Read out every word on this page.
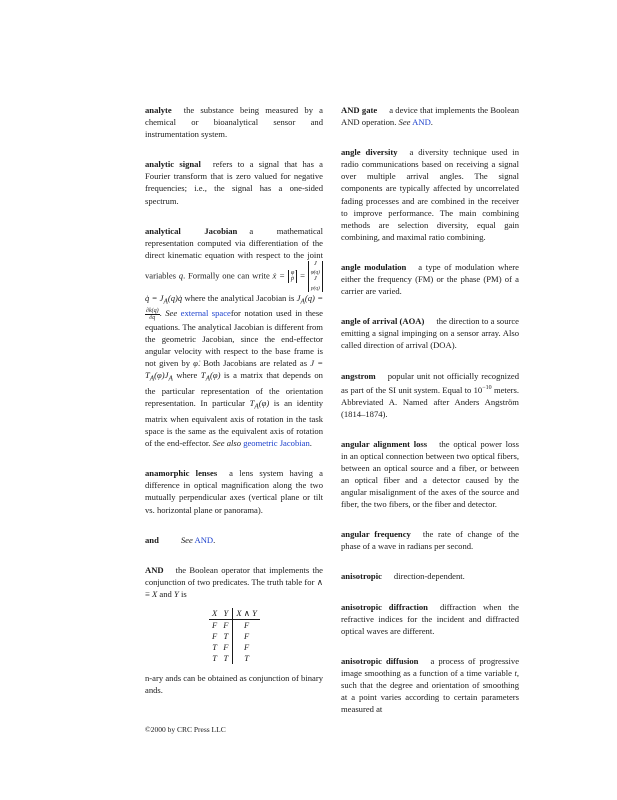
analyte the substance being measured by a chemical or bioanalytical sensor and instrumentation system.
analytic signal refers to a signal that has a Fourier transform that is zero valued for negative frequencies; i.e., the signal has a one-sided spectrum.
analytical Jacobian a mathematical representation computed via differentiation of the direct kinematic equation with respect to the joint variables q. Formally one can write ẋ = φ̇
ṗ =
J
$_{\varphi(q)}$
J
$_{p(q)}$
q̇ = $J_A(q)q̇$ where the analytical Jacobian is $J_A(q)$ =
$\frac{\partial k(q)}{\partial q}$ . See external spacefor notation used in these equations. The analytical Jacobian is different from the geometric Jacobian, since the end-effector angular velocity with respect to the base frame is not given by φ̇. Both Jacobians are related as $J = T_A(\varphi)J_A$ where $T_A(\varphi)$ is a matrix that depends on the particular representation of the orientation representation. In particular $T_A(\varphi)$ is an identity matrix when equivalent axis of rotation in the task space is the same as the equivalent axis of rotation of the end-effector. See also geometric Jacobian.
anamorphic lenses a lens system having a difference in optical magnification along the two mutually perpendicular axes (vertical plane or tilt vs. horizontal plane or panorama).
and	See AND.
AND the Boolean operator that implements the conjunction of two predicates. The truth table for ∧ ≡ X and Y is
X	Y	X ∧ Y
F	F	F
F	T	F
T	F	F
T	T	T
n-ary ands can be obtained as conjunction of binary ands.
AND gate a device that implements the Boolean AND operation. See AND.
angle diversity a diversity technique used in radio communications based on receiving a signal over multiple arrival angles. The signal components are typically affected by uncorrelated fading processes and are combined in the receiver to improve performance. The main combining methods are selection diversity, equal gain combining, and maximal ratio combining.
angle modulation a type of modulation where either the frequency (FM) or the phase (PM) of a carrier are varied.
angle of arrival (AOA) the direction to a source emitting a signal impinging on a sensor array. Also called direction of arrival (DOA).
angstrom popular unit not officially recognized as part of the SI unit system. Equal to $10^{-10}$ meters. Abbreviated A. Named after Anders Angström (1814–1874).
angular alignment loss the optical power loss in an optical connection between two optical fibers, between an optical source and a fiber, or between an optical fiber and a detector caused by the angular misalignment of the axes of the source and fiber, the two fibers, or the fiber and detector.
angular frequency the rate of change of the phase of a wave in radians per second.
anisotropic direction-dependent.
anisotropic diffraction diffraction when the refractive indices for the incident and diffracted optical waves are different.
anisotropic diffusion a process of progressive image smoothing as a function of a time variable t, such that the degree and orientation of smoothing at a point varies according to certain parameters measured at
©2000 by CRC Press LLC
